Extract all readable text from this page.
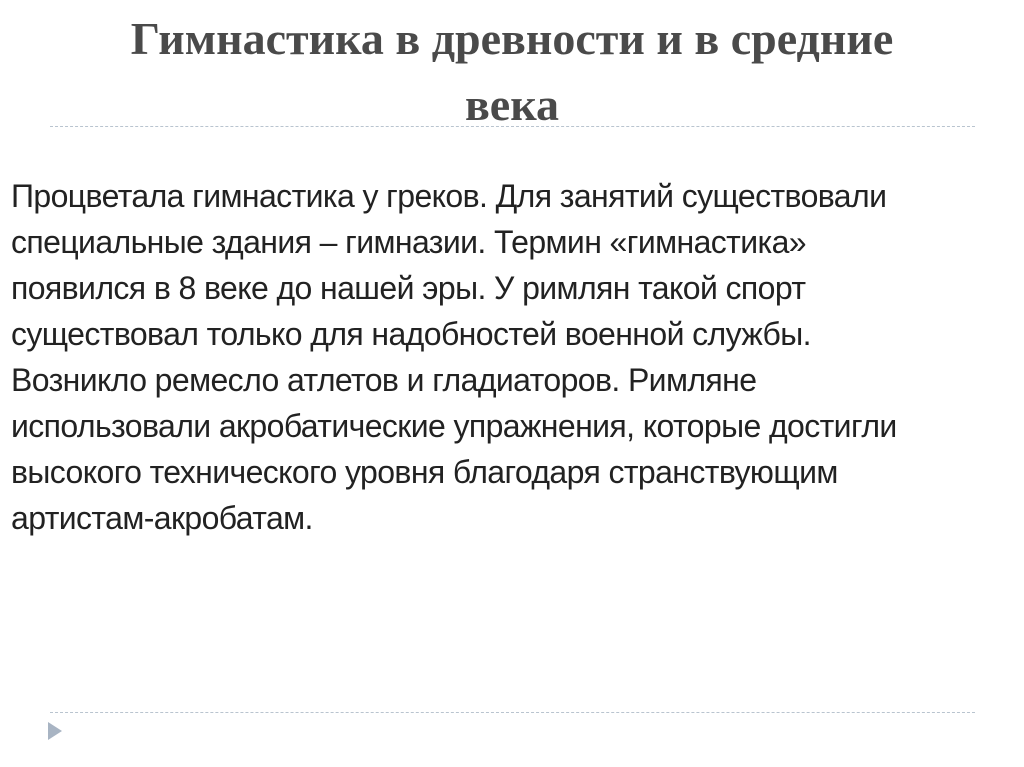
Гимнастика в древности и в средние
века

Процветала гимнастика у греков. Для занятий существовали
специальные здания – гимназии. Термин «гимнастика»
появился в 8 веке до нашей эры. У римлян такой спорт
существовал только для надобностей военной службы.
Возникло ремесло атлетов и гладиаторов. Римляне
использовали акробатические упражнения, которые достигли
высокого технического уровня благодаря странствующим
артистам-акробатам.
